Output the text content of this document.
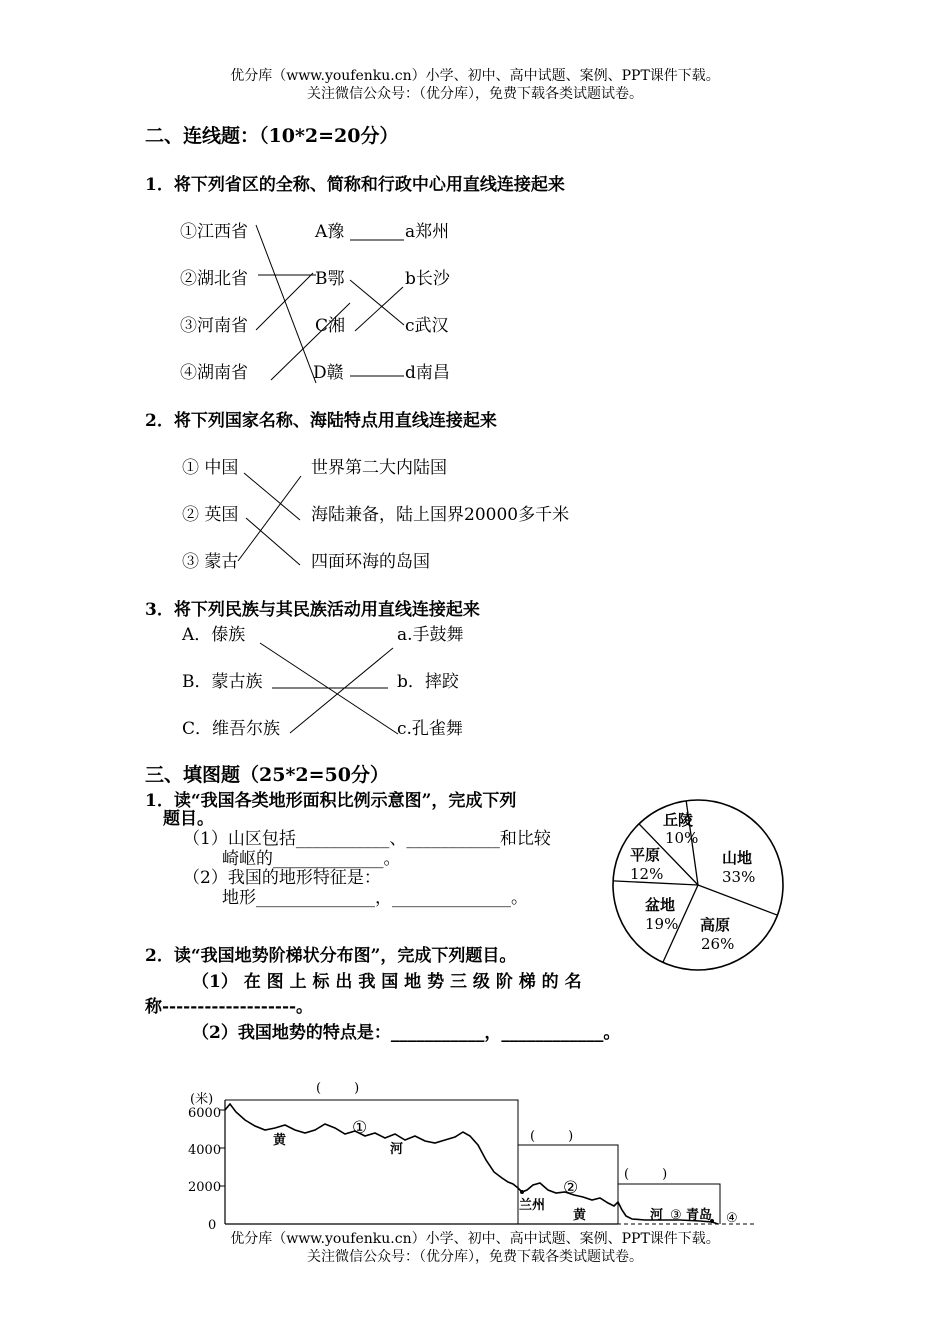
优分库（www.youfenku.cn）小学、初中、高中试题、案例、PPT课件下载。
关注微信公众号：（优分库），免费下载各类试题试卷。
二、连线题：（10*2=20分）
1．将下列省区的全称、简称和行政中心用直线连接起来
①江西省
②湖北省
③河南省
④湖南省
A豫
B鄂
C湘
D赣
a郑州
b长沙
c武汉
d南昌
2．将下列国家名称、海陆特点用直线连接起来
① 中国
② 英国
③ 蒙古
世界第二大内陆国
海陆兼备，陆上国界20000多千米
四面环海的岛国
3．将下列民族与其民族活动用直线连接起来
A．傣族
B．蒙古族
C．维吾尔族
a.手鼓舞
b．摔跤
c.孔雀舞
三、填图题（25*2=50分）
1．读“我国各类地形面积比例示意图”，完成下列
题目。
（1）山区包括___________、___________和比较
崎岖的_____________。
（2）我国的地形特征是：
地形______________，______________。
2．读“我国地势阶梯状分布图”，完成下列题目。
（1） 在 图 上 标 出 我 国 地 势 三 级 阶 梯 的 名
称-------------------。
（2）我国地势的特点是：___________，____________。
丘陵
10%
山地
33%
平原
12%
盆地
19% 高原
26%
(米)
6000
4000
2000
0
(        )
(        )
(        )
①
②
③	④
黄
河
兰州
黄	河 青岛
优分库（www.youfenku.cn）小学、初中、高中试题、案例、PPT课件下载。
关注微信公众号：（优分库），免费下载各类试题试卷。
